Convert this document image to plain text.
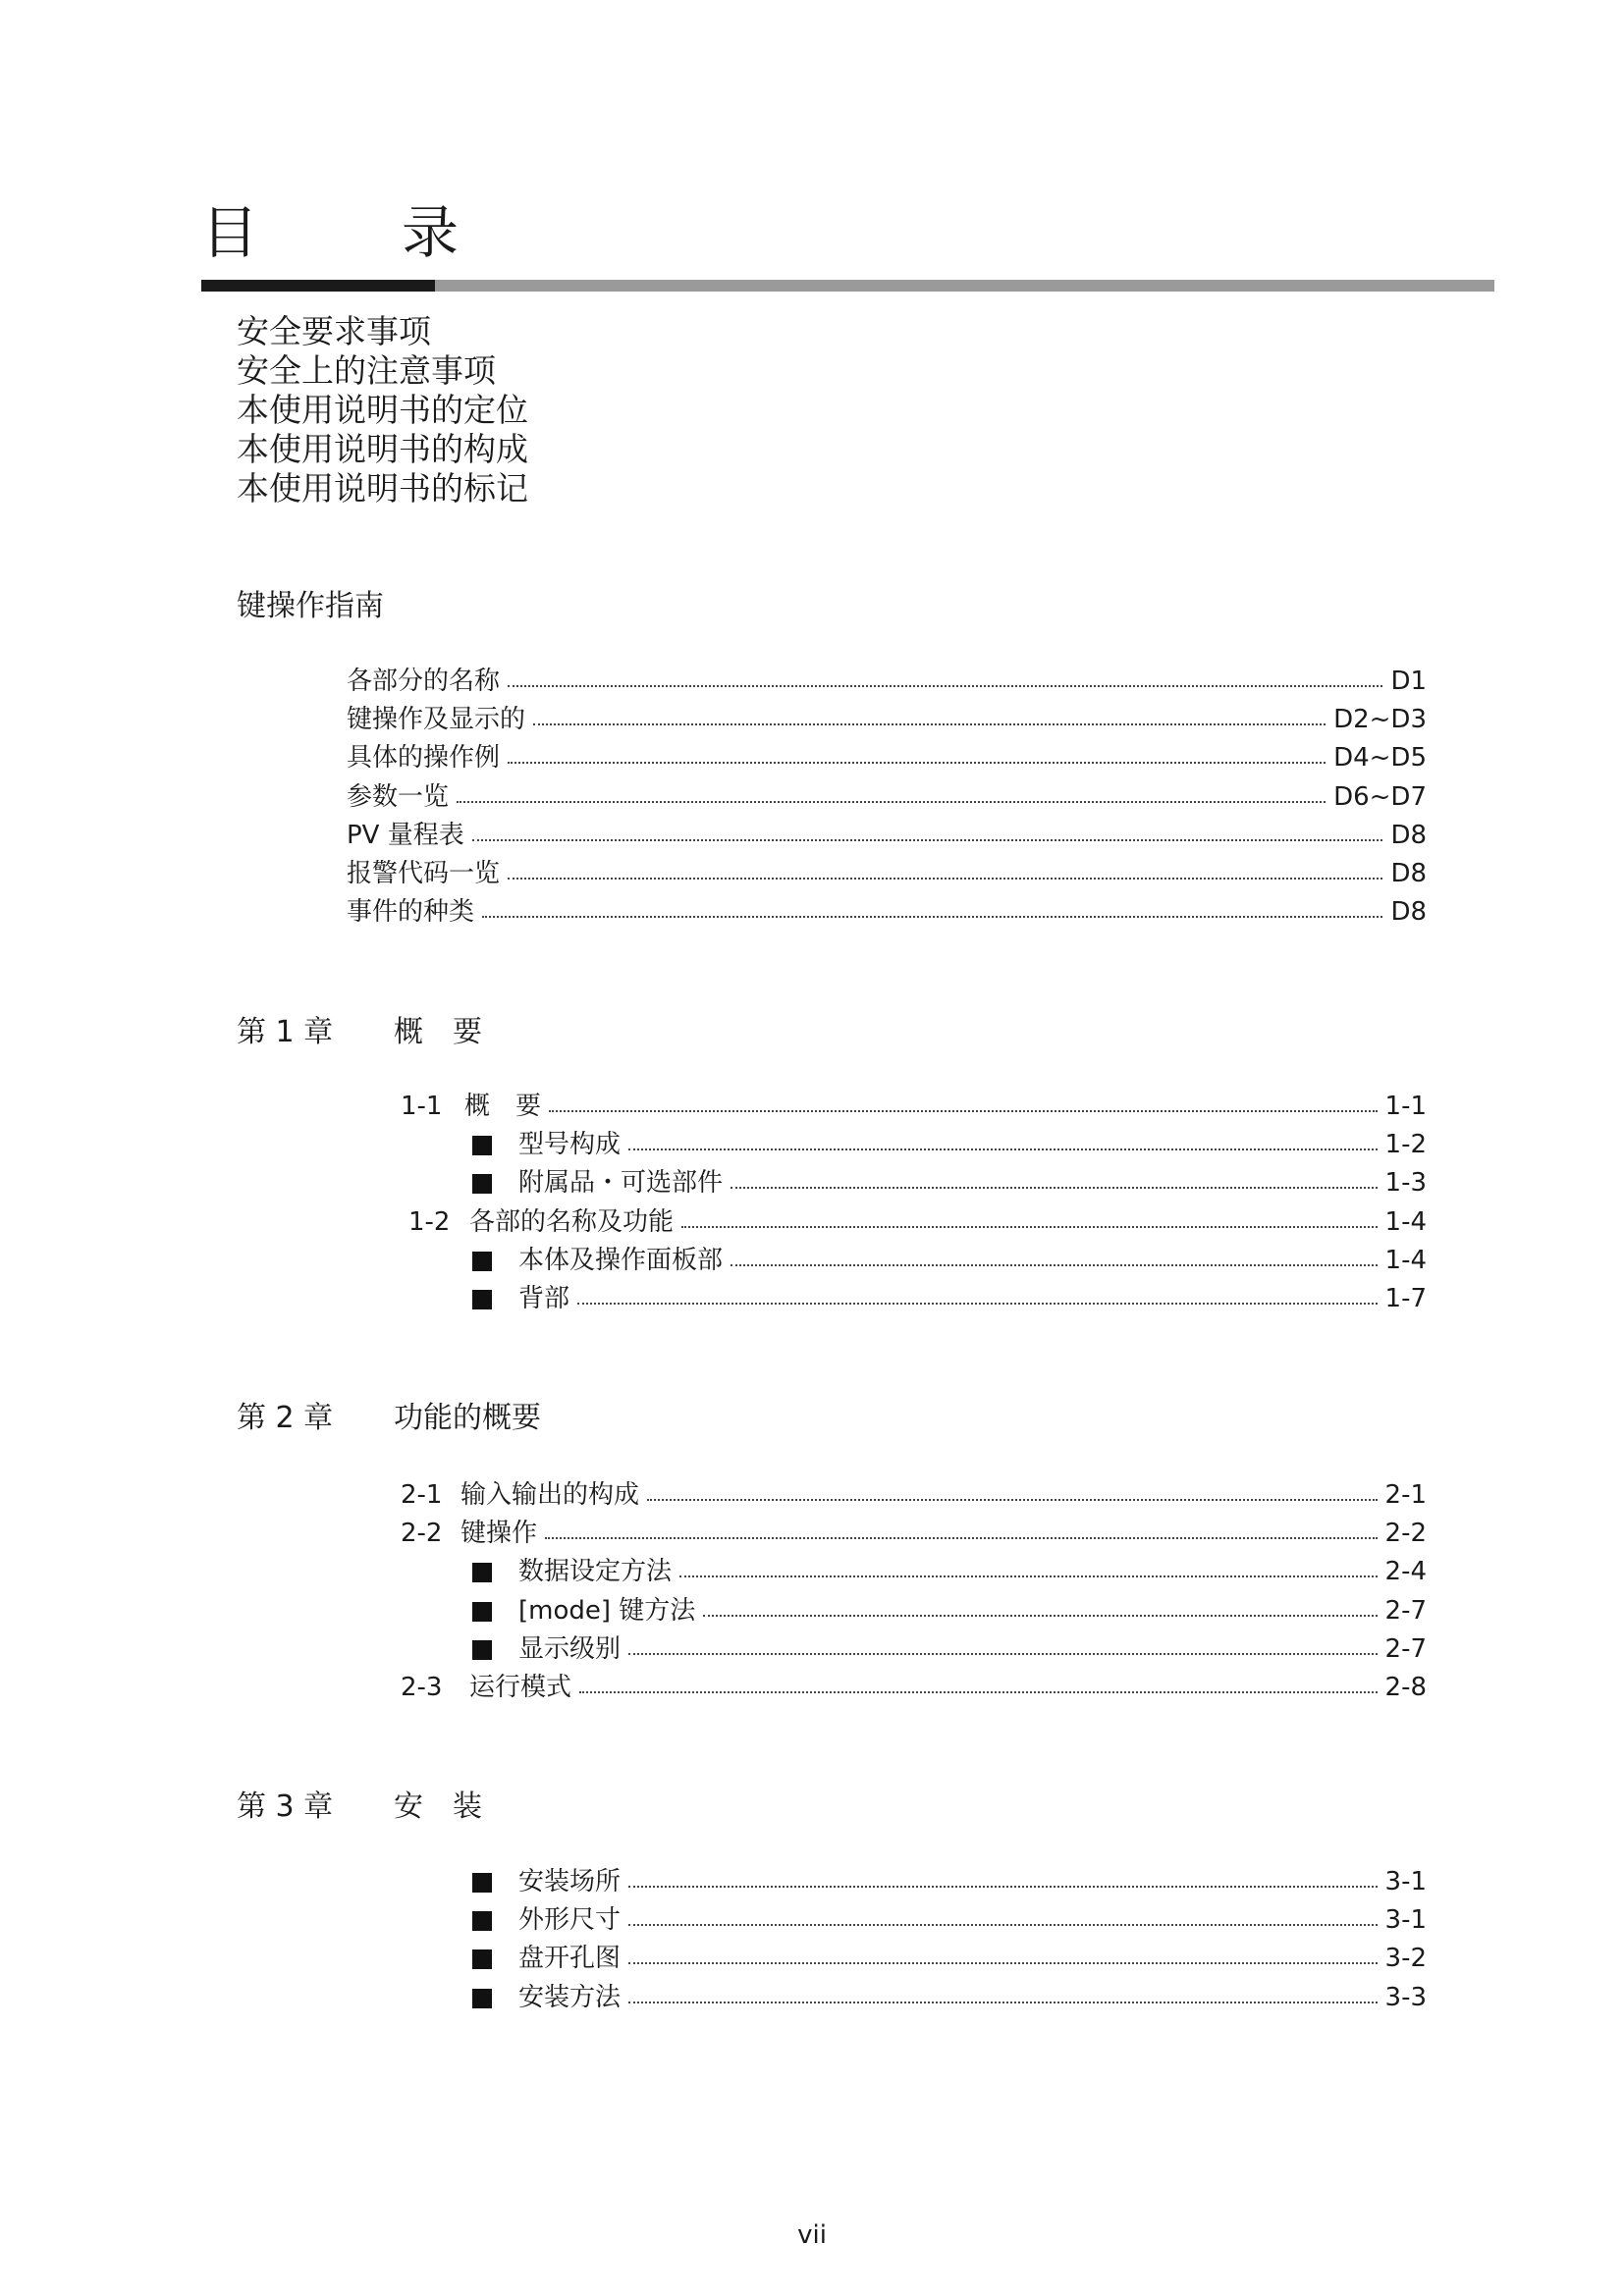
目　录
安全要求事项
安全上的注意事项
本使用说明书的定位
本使用说明书的构成
本使用说明书的标记
键操作指南
各部分的名称	D1
键操作及显示的	D2~D3
具体的操作例	D4~D5
参数一览	D6~D7
PV 量程表	D8
报警代码一览	D8
事件的种类	D8
第 1 章 概　要
1-1 概　要	1-1
型号构成	1-2
附属品・可选部件	1-3
1-2 各部的名称及功能	1-4
本体及操作面板部	1-4
背部	1-7
第 2 章 功能的概要
2-1 输入输出的构成	2-1
2-2 键操作	2-2
数据设定方法	2-4
[mode] 键方法	2-7
显示级别	2-7
2-3 运行模式	2-8
第 3 章 安　装
安装场所	3-1
外形尺寸	3-1
盘开孔图	3-2
安装方法	3-3
vii
